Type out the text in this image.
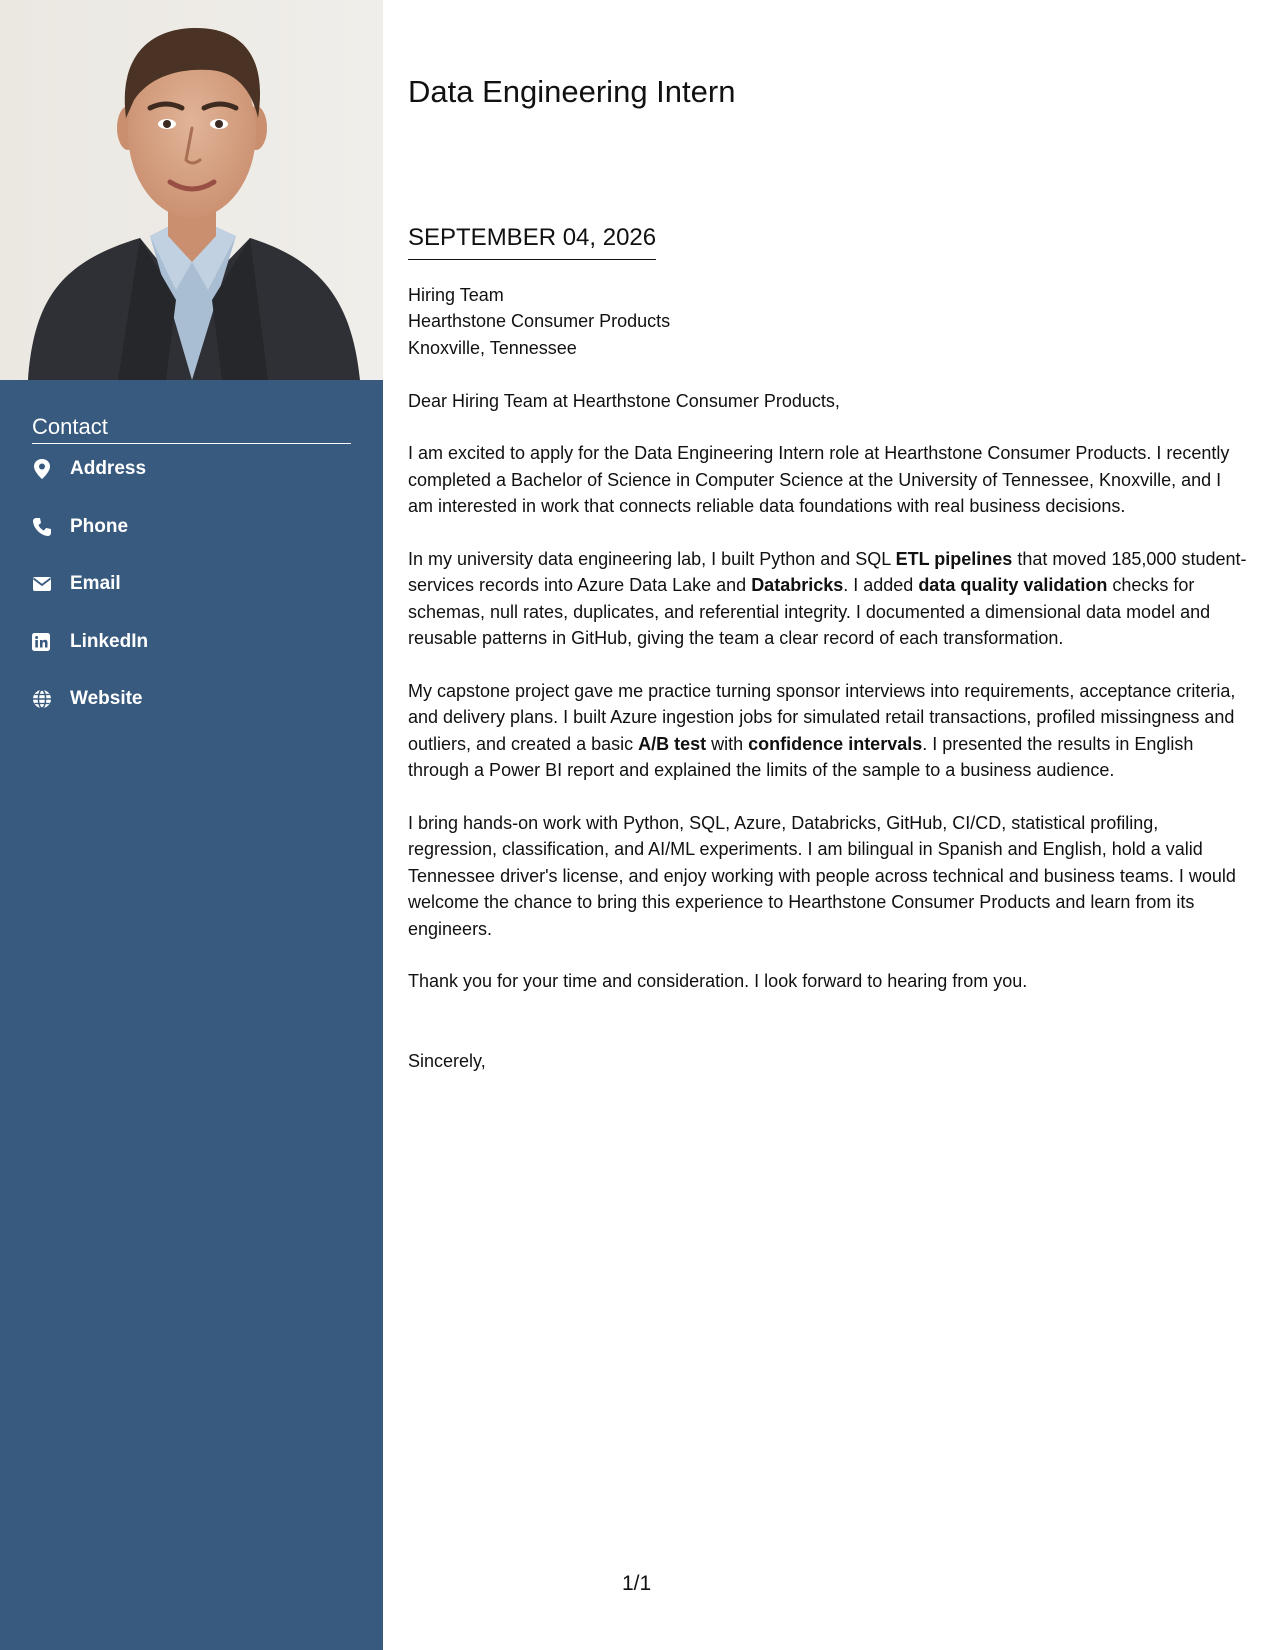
Contact
Address
Phone
Email
LinkedIn
Website
Data Engineering Intern
SEPTEMBER 04, 2026

Hiring Team
Hearthstone Consumer Products
Knoxville, Tennessee

Dear Hiring Team at Hearthstone Consumer Products,

I am excited to apply for the Data Engineering Intern role at Hearthstone Consumer Products. I recently completed a Bachelor of Science in Computer Science at the University of Tennessee, Knoxville, and I am interested in work that connects reliable data foundations with real business decisions.

In my university data engineering lab, I built Python and SQL ETL pipelines that moved 185,000 student-services records into Azure Data Lake and Databricks. I added data quality validation checks for schemas, null rates, duplicates, and referential integrity. I documented a dimensional data model and reusable patterns in GitHub, giving the team a clear record of each transformation.

My capstone project gave me practice turning sponsor interviews into requirements, acceptance criteria, and delivery plans. I built Azure ingestion jobs for simulated retail transactions, profiled missingness and outliers, and created a basic A/B test with confidence intervals. I presented the results in English through a Power BI report and explained the limits of the sample to a business audience.

I bring hands-on work with Python, SQL, Azure, Databricks, GitHub, CI/CD, statistical profiling, regression, classification, and AI/ML experiments. I am bilingual in Spanish and English, hold a valid Tennessee driver's license, and enjoy working with people across technical and business teams. I would welcome the chance to bring this experience to Hearthstone Consumer Products and learn from its engineers.

Thank you for your time and consideration. I look forward to hearing from you.

Sincerely,

1/1
